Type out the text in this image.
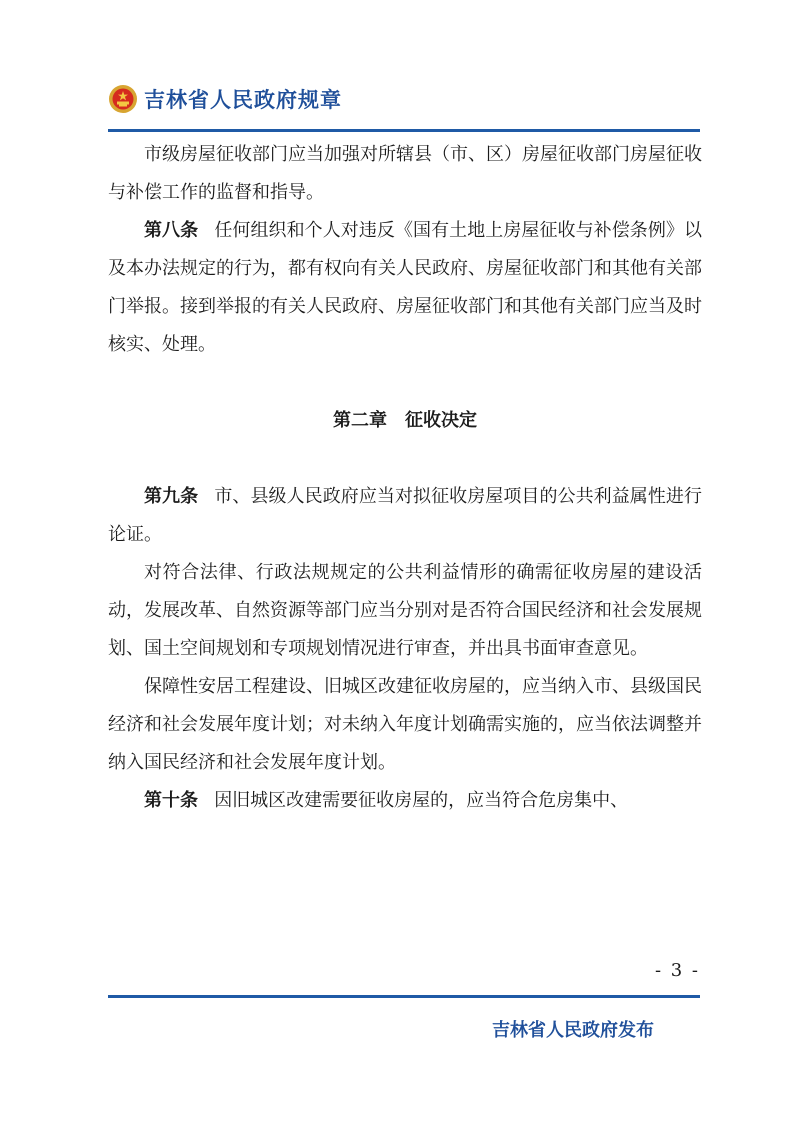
吉林省人民政府规章

市级房屋征收部门应当加强对所辖县（市、区）房屋征收部门房屋征收与补偿工作的监督和指导。

第八条 任何组织和个人对违反《国有土地上房屋征收与补偿条例》以及本办法规定的行为，都有权向有关人民政府、房屋征收部门和其他有关部门举报。接到举报的有关人民政府、房屋征收部门和其他有关部门应当及时核实、处理。

第二章　征收决定

第九条 市、县级人民政府应当对拟征收房屋项目的公共利益属性进行论证。

对符合法律、行政法规规定的公共利益情形的确需征收房屋的建设活动，发展改革、自然资源等部门应当分别对是否符合国民经济和社会发展规划、国土空间规划和专项规划情况进行审查，并出具书面审查意见。

保障性安居工程建设、旧城区改建征收房屋的，应当纳入市、县级国民经济和社会发展年度计划；对未纳入年度计划确需实施的，应当依法调整并纳入国民经济和社会发展年度计划。

第十条 因旧城区改建需要征收房屋的，应当符合危房集中、

- 3 -
吉林省人民政府发布
